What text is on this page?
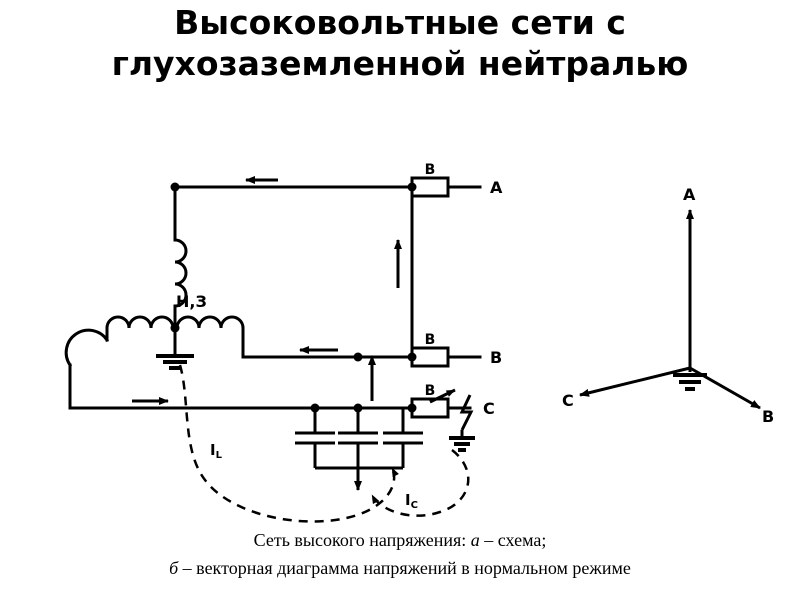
Высоковольтные сети с глухозаземленной нейтралью
В
В
В
A
B
C
Н,З
$I_L$
$I_C$
A
B
C
Сеть высокого напряжения: а – схема;
б – векторная диаграмма напряжений в нормальном режиме
